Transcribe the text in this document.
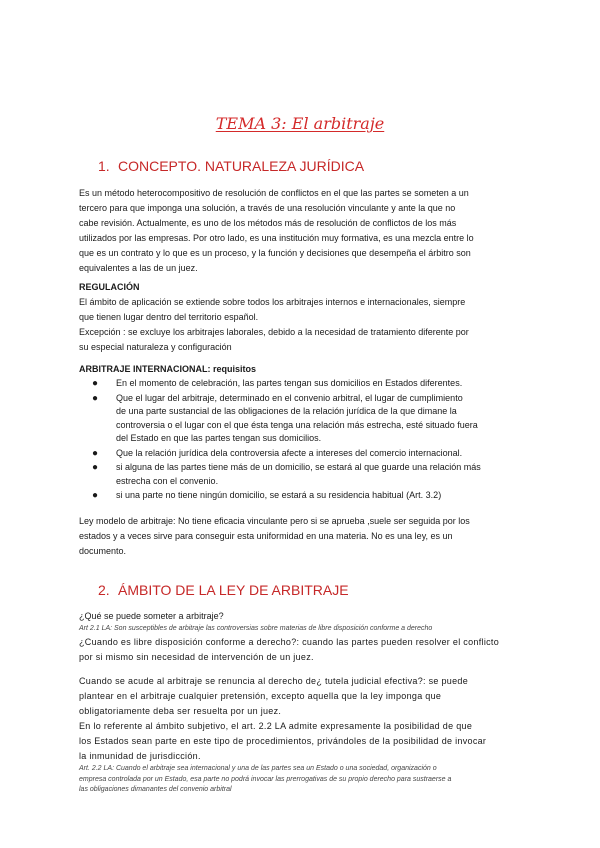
TEMA 3: El arbitraje
1. CONCEPTO. NATURALEZA JURÍDICA
Es un método heterocompositivo de resolución de conflictos en el que las partes se someten a un
tercero para que imponga una solución, a través de una resolución vinculante y ante la que no
cabe revisión. Actualmente, es uno de los métodos más de resolución de conflictos de los más
utilizados por las empresas. Por otro lado, es una institución muy formativa, es una mezcla entre lo
que es un contrato y lo que es un proceso, y la función y decisiones que desempeña el árbitro son
equivalentes a las de un juez.
REGULACIÓN
El ámbito de aplicación se extiende sobre todos los arbitrajes internos e internacionales, siempre
que tienen lugar dentro del territorio español.
Excepción : se excluye los arbitrajes laborales, debido a la necesidad de tratamiento diferente por
su especial naturaleza y configuración
ARBITRAJE INTERNACIONAL: requisitos
● En el momento de celebración, las partes tengan sus domicilios en Estados diferentes.
● Que el lugar del arbitraje, determinado en el convenio arbitral, el lugar de cumplimiento
de una parte sustancial de las obligaciones de la relación jurídica de la que dimane la
controversia o el lugar con el que ésta tenga una relación más estrecha, esté situado fuera
del Estado en que las partes tengan sus domicilios.
● Que la relación jurídica dela controversia afecte a intereses del comercio internacional.
● si alguna de las partes tiene más de un domicilio, se estará al que guarde una relación más
estrecha con el convenio.
● si una parte no tiene ningún domicilio, se estará a su residencia habitual (Art. 3.2)
Ley modelo de arbitraje: No tiene eficacia vinculante pero si se aprueba ,suele ser seguida por los
estados y a veces sirve para conseguir esta uniformidad en una materia. No es una ley, es un
documento.
2. ÁMBITO DE LA LEY DE ARBITRAJE
¿Qué se puede someter a arbitraje?
Art 2.1 LA: Son susceptibles de arbitraje las controversias sobre materias de libre disposición conforme a derecho
¿Cuando es libre disposición conforme a derecho?: cuando las partes pueden resolver el conflicto
por si mismo sin necesidad de intervención de un juez.
Cuando se acude al arbitraje se renuncia al derecho de¿ tutela judicial efectiva?: se puede
plantear en el arbitraje cualquier pretensión, excepto aquella que la ley imponga que
obligatoriamente deba ser resuelta por un juez.
En lo referente al ámbito subjetivo, el art. 2.2 LA admite expresamente la posibilidad de que
los Estados sean parte en este tipo de procedimientos, privándoles de la posibilidad de invocar
la inmunidad de jurisdicción.
Art. 2.2 LA: Cuando el arbitraje sea internacional y una de las partes sea un Estado o una sociedad, organización o
empresa controlada por un Estado, esa parte no podrá invocar las prerrogativas de su propio derecho para sustraerse a
las obligaciones dimanantes del convenio arbitral
